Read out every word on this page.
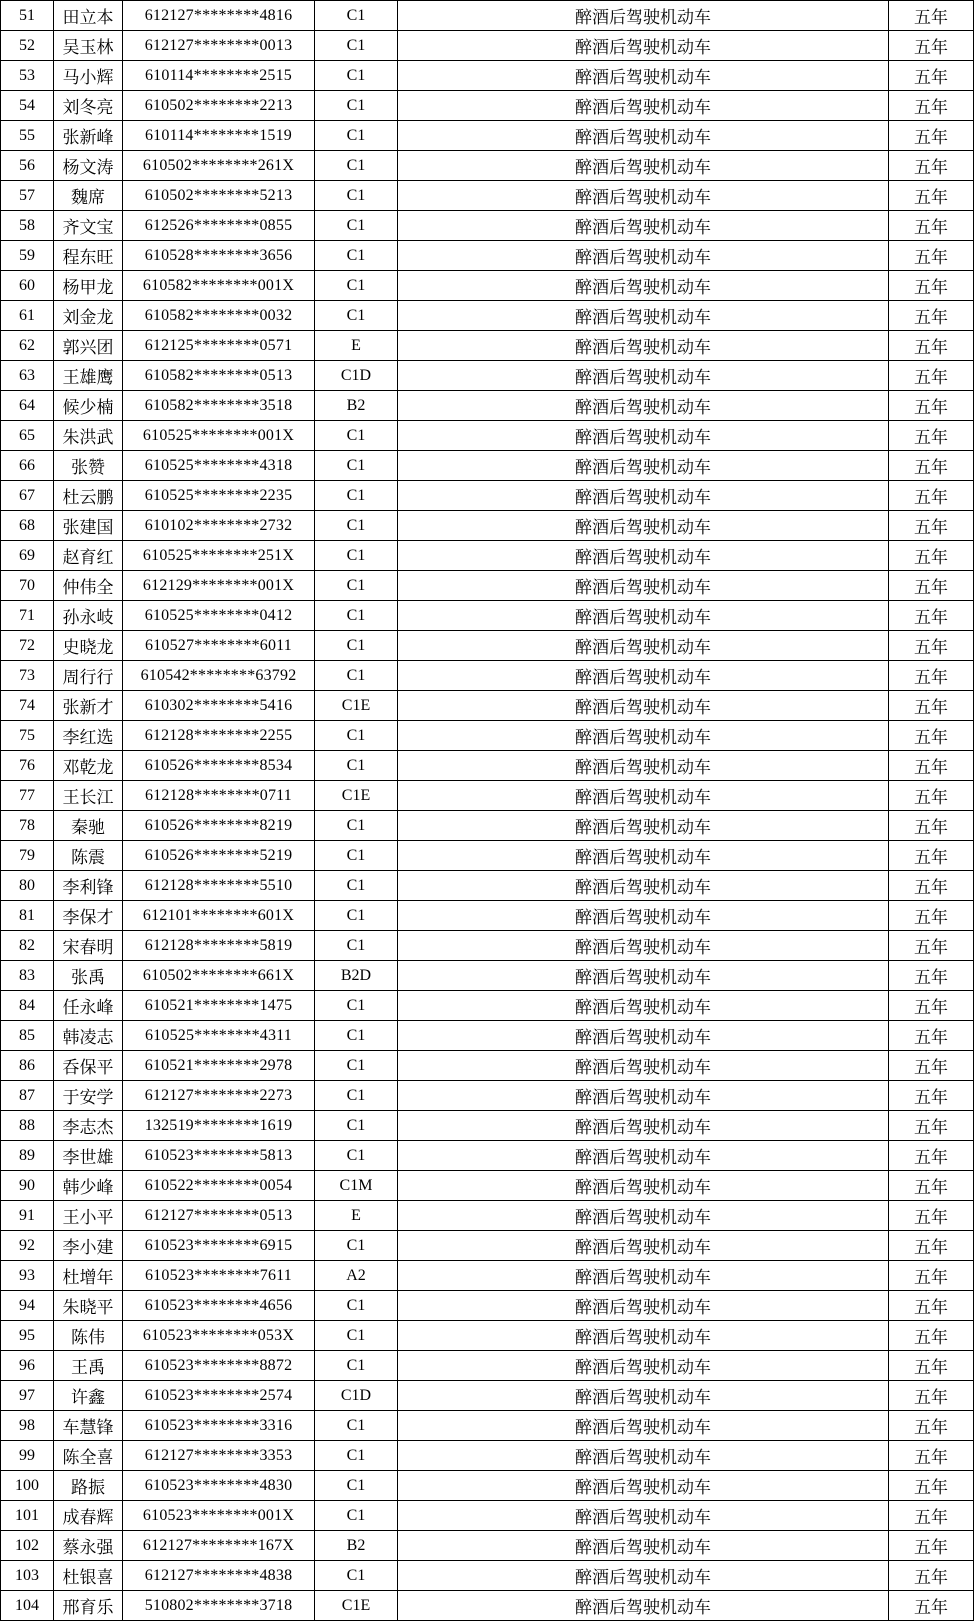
51	田立本	612127********4816	C1	醉酒后驾驶机动车	五年
52	吴玉林	612127********0013	C1	醉酒后驾驶机动车	五年
53	马小辉	610114********2515	C1	醉酒后驾驶机动车	五年
54	刘冬亮	610502********2213	C1	醉酒后驾驶机动车	五年
55	张新峰	610114********1519	C1	醉酒后驾驶机动车	五年
56	杨文涛	610502********261X	C1	醉酒后驾驶机动车	五年
57	魏席	610502********5213	C1	醉酒后驾驶机动车	五年
58	齐文宝	612526********0855	C1	醉酒后驾驶机动车	五年
59	程东旺	610528********3656	C1	醉酒后驾驶机动车	五年
60	杨甲龙	610582********001X	C1	醉酒后驾驶机动车	五年
61	刘金龙	610582********0032	C1	醉酒后驾驶机动车	五年
62	郭兴团	612125********0571	E	醉酒后驾驶机动车	五年
63	王雄鹰	610582********0513	C1D	醉酒后驾驶机动车	五年
64	候少楠	610582********3518	B2	醉酒后驾驶机动车	五年
65	朱洪武	610525********001X	C1	醉酒后驾驶机动车	五年
66	张赞	610525********4318	C1	醉酒后驾驶机动车	五年
67	杜云鹏	610525********2235	C1	醉酒后驾驶机动车	五年
68	张建国	610102********2732	C1	醉酒后驾驶机动车	五年
69	赵育红	610525********251X	C1	醉酒后驾驶机动车	五年
70	仲伟全	612129********001X	C1	醉酒后驾驶机动车	五年
71	孙永岐	610525********0412	C1	醉酒后驾驶机动车	五年
72	史晓龙	610527********6011	C1	醉酒后驾驶机动车	五年
73	周行行	610542********63792	C1	醉酒后驾驶机动车	五年
74	张新才	610302********5416	C1E	醉酒后驾驶机动车	五年
75	李红选	612128********2255	C1	醉酒后驾驶机动车	五年
76	邓乾龙	610526********8534	C1	醉酒后驾驶机动车	五年
77	王长江	612128********0711	C1E	醉酒后驾驶机动车	五年
78	秦驰	610526********8219	C1	醉酒后驾驶机动车	五年
79	陈震	610526********5219	C1	醉酒后驾驶机动车	五年
80	李利锋	612128********5510	C1	醉酒后驾驶机动车	五年
81	李保才	612101********601X	C1	醉酒后驾驶机动车	五年
82	宋春明	612128********5819	C1	醉酒后驾驶机动车	五年
83	张禹	610502********661X	B2D	醉酒后驾驶机动车	五年
84	任永峰	610521********1475	C1	醉酒后驾驶机动车	五年
85	韩凌志	610525********4311	C1	醉酒后驾驶机动车	五年
86	呑保平	610521********2978	C1	醉酒后驾驶机动车	五年
87	于安学	612127********2273	C1	醉酒后驾驶机动车	五年
88	李志杰	132519********1619	C1	醉酒后驾驶机动车	五年
89	李世雄	610523********5813	C1	醉酒后驾驶机动车	五年
90	韩少峰	610522********0054	C1M	醉酒后驾驶机动车	五年
91	王小平	612127********0513	E	醉酒后驾驶机动车	五年
92	李小建	610523********6915	C1	醉酒后驾驶机动车	五年
93	杜增年	610523********7611	A2	醉酒后驾驶机动车	五年
94	朱晓平	610523********4656	C1	醉酒后驾驶机动车	五年
95	陈伟	610523********053X	C1	醉酒后驾驶机动车	五年
96	王禹	610523********8872	C1	醉酒后驾驶机动车	五年
97	许鑫	610523********2574	C1D	醉酒后驾驶机动车	五年
98	车慧锋	610523********3316	C1	醉酒后驾驶机动车	五年
99	陈全喜	612127********3353	C1	醉酒后驾驶机动车	五年
100	路振	610523********4830	C1	醉酒后驾驶机动车	五年
101	成春辉	610523********001X	C1	醉酒后驾驶机动车	五年
102	蔡永强	612127********167X	B2	醉酒后驾驶机动车	五年
103	杜银喜	612127********4838	C1	醉酒后驾驶机动车	五年
104	邢育乐	510802********3718	C1E	醉酒后驾驶机动车	五年
